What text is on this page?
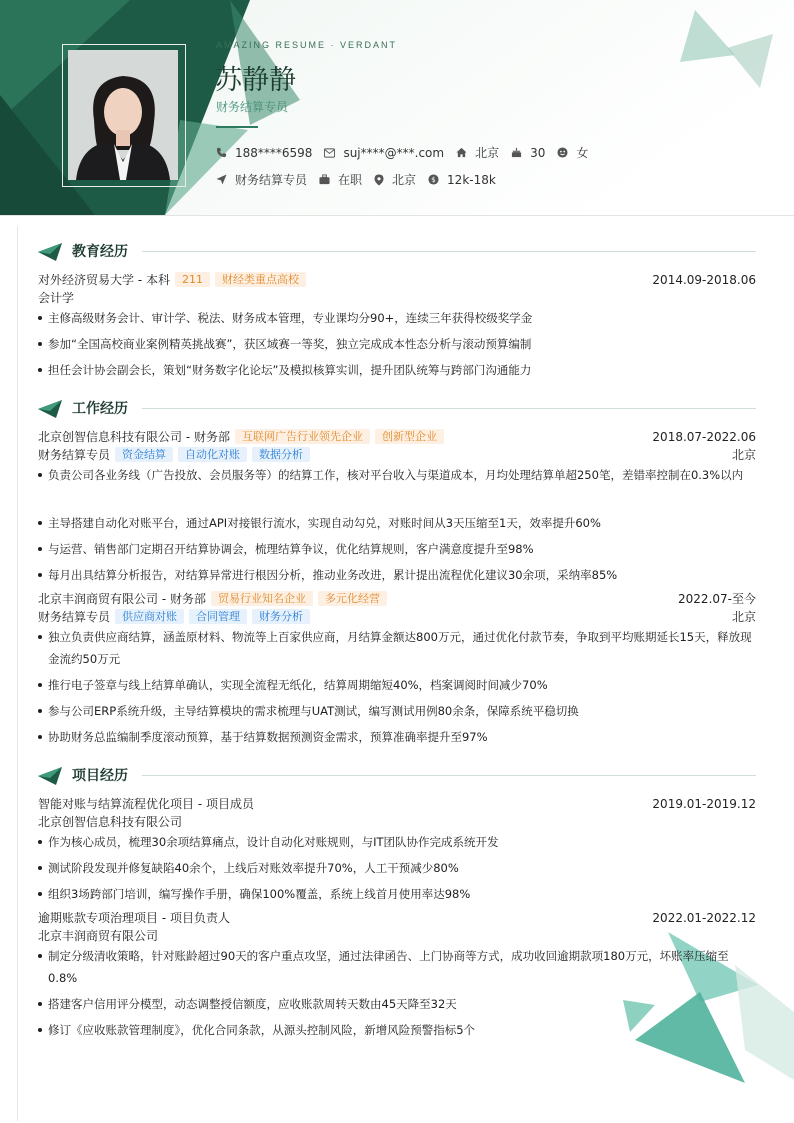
AMAZING RESUME · VERDANT
苏静静
财务结算专员
188****6598	suj****@***.com	北京	30	女
财务结算专员	在职	北京 $ 12k-18k
教育经历
对外经济贸易大学 - 本科 211 财经类重点高校	2014.09-2018.06
会计学
主修高级财务会计、审计学、税法、财务成本管理，专业课均分90+，连续三年获得校级奖学金
参加“全国高校商业案例精英挑战赛”，获区域赛一等奖，独立完成成本性态分析与滚动预算编制
担任会计协会副会长，策划“财务数字化论坛”及模拟核算实训，提升团队统筹与跨部门沟通能力
工作经历
北京创智信息科技有限公司 - 财务部 互联网广告行业领先企业 创新型企业	2018.07-2022.06
财务结算专员 资金结算 自动化对账 数据分析	北京
负责公司各业务线（广告投放、会员服务等）的结算工作，核对平台收入与渠道成本，月均处理结算单超250笔，差错率控制在0.3%以内
主导搭建自动化对账平台，通过API对接银行流水，实现自动勾兑，对账时间从3天压缩至1天，效率提升60%
与运营、销售部门定期召开结算协调会，梳理结算争议，优化结算规则，客户满意度提升至98%
每月出具结算分析报告，对结算异常进行根因分析，推动业务改进，累计提出流程优化建议30余项，采纳率85%
北京丰润商贸有限公司 - 财务部 贸易行业知名企业 多元化经营	2022.07-至今
财务结算专员 供应商对账 合同管理 财务分析	北京
独立负责供应商结算，涵盖原材料、物流等上百家供应商，月结算金额达800万元，通过优化付款节奏，争取到平均账期延长15天，释放现金流约50万元
推行电子签章与线上结算单确认，实现全流程无纸化，结算周期缩短40%，档案调阅时间减少70%
参与公司ERP系统升级，主导结算模块的需求梳理与UAT测试，编写测试用例80余条，保障系统平稳切换
协助财务总监编制季度滚动预算，基于结算数据预测资金需求，预算准确率提升至97%
项目经历
智能对账与结算流程优化项目 - 项目成员	2019.01-2019.12
北京创智信息科技有限公司
作为核心成员，梳理30余项结算痛点，设计自动化对账规则，与IT团队协作完成系统开发
测试阶段发现并修复缺陷40余个，上线后对账效率提升70%，人工干预减少80%
组织3场跨部门培训，编写操作手册，确保100%覆盖，系统上线首月使用率达98%
逾期账款专项治理项目 - 项目负责人	2022.01-2022.12
北京丰润商贸有限公司
制定分级清收策略，针对账龄超过90天的客户重点攻坚，通过法律函告、上门协商等方式，成功收回逾期款项180万元，坏账率压缩至0.8%
搭建客户信用评分模型，动态调整授信额度，应收账款周转天数由45天降至32天
修订《应收账款管理制度》，优化合同条款，从源头控制风险，新增风险预警指标5个
